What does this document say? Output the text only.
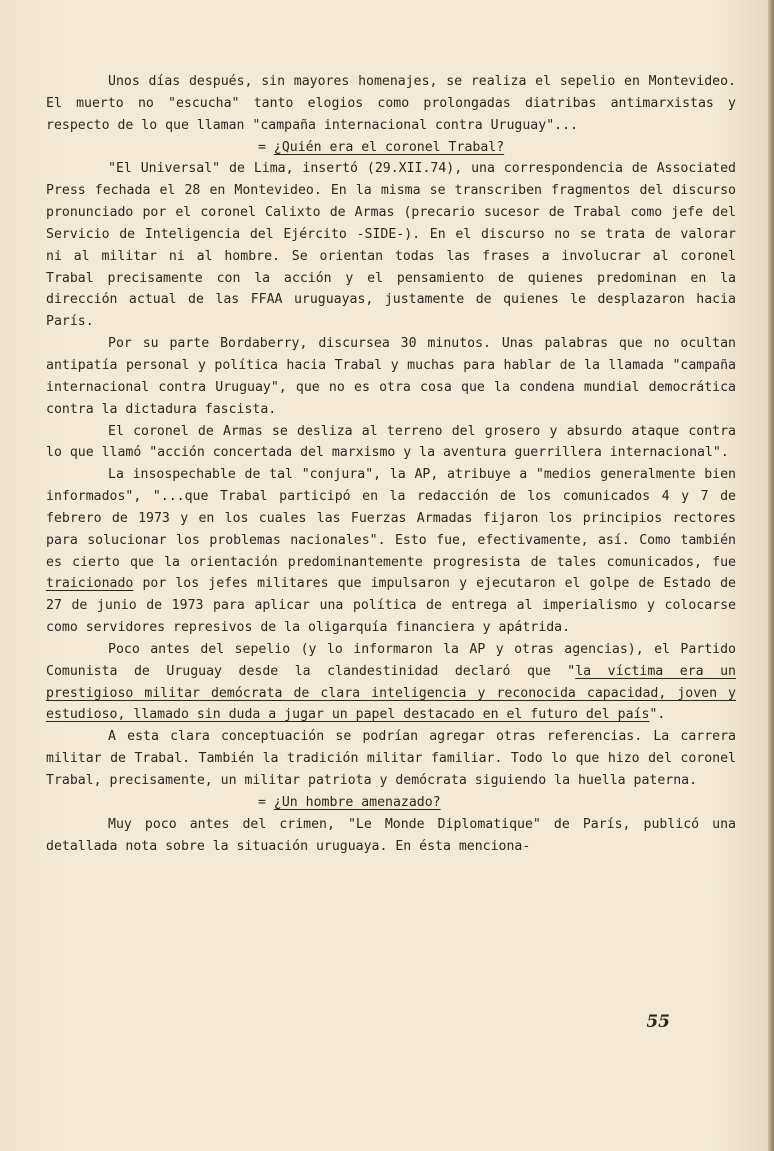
Unos días después, sin mayores homenajes, se realiza el sepelio en Montevideo. El muerto no "escucha" tanto elogios como prolongadas diatribas antimarxistas y respecto de lo que llaman "campaña internacional contra Uruguay"...

= ¿Quién era el coronel Trabal?

"El Universal" de Lima, insertó (29.XII.74), una correspondencia de Associated Press fechada el 28 en Montevideo. En la misma se transcriben fragmentos del discurso pronunciado por el coronel Calixto de Armas (precario sucesor de Trabal como jefe del Servicio de Inteligencia del Ejército -SIDE-). En el discurso no se trata de valorar ni al militar ni al hombre. Se orientan todas las frases a involucrar al coronel Trabal precisamente con la acción y el pensamiento de quienes predominan en la dirección actual de las FFAA uruguayas, justamente de quienes le desplazaron hacia París.

Por su parte Bordaberry, discursea 30 minutos. Unas palabras que no ocultan antipatía personal y política hacia Trabal y muchas para hablar de la llamada "campaña internacional contra Uruguay", que no es otra cosa que la condena mundial democrática contra la dictadura fascista.

El coronel de Armas se desliza al terreno del grosero y absurdo ataque contra lo que llamó "acción concertada del marxismo y la aventura guerrillera internacional".

La insospechable de tal "conjura", la AP, atribuye a "medios generalmente bien informados", "...que Trabal participó en la redacción de los comunicados 4 y 7 de febrero de 1973 y en los cuales las Fuerzas Armadas fijaron los principios rectores para solucionar los problemas nacionales". Esto fue, efectivamente, así. Como también es cierto que la orientación predominantemente progresista de tales comunicados, fue traicionado por los jefes militares que impulsaron y ejecutaron el golpe de Estado de 27 de junio de 1973 para aplicar una política de entrega al imperialismo y colocarse como servidores represivos de la oligarquía financiera y apátrida.

Poco antes del sepelio (y lo informaron la AP y otras agencias), el Partido Comunista de Uruguay desde la clandestinidad declaró que "la víctima era un prestigioso militar demócrata de clara inteligencia y reconocida capacidad, joven y estudioso, llamado sin duda a jugar un papel destacado en el futuro del país".

A esta clara conceptuación se podrían agregar otras referencias. La carrera militar de Trabal. También la tradición militar familiar. Todo lo que hizo del coronel Trabal, precisamente, un militar patriota y demócrata siguiendo la huella paterna.

= ¿Un hombre amenazado?

Muy poco antes del crimen, "Le Monde Diplomatique" de París, publicó una detallada nota sobre la situación uruguaya. En ésta menciona-

55
